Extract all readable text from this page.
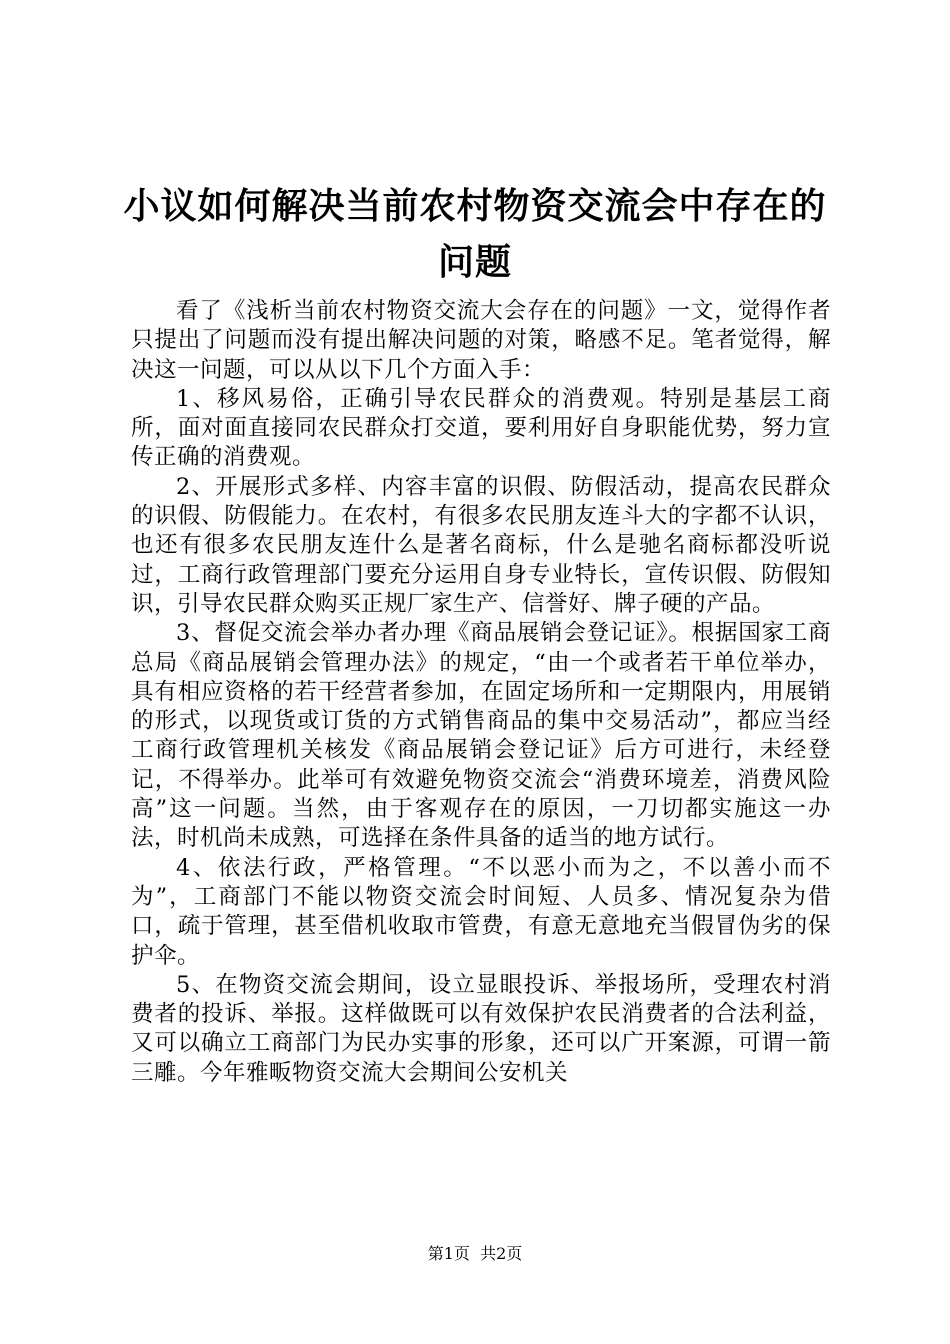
小议如何解决当前农村物资交流会中存在的问题

看了《浅析当前农村物资交流大会存在的问题》一文，觉得作者只提出了问题而没有提出解决问题的对策，略感不足。笔者觉得，解决这一问题，可以从以下几个方面入手：

1、移风易俗，正确引导农民群众的消费观。特别是基层工商所，面对面直接同农民群众打交道，要利用好自身职能优势，努力宣传正确的消费观。

2、开展形式多样、内容丰富的识假、防假活动，提高农民群众的识假、防假能力。在农村，有很多农民朋友连斗大的字都不认识，也还有很多农民朋友连什么是著名商标，什么是驰名商标都没听说过，工商行政管理部门要充分运用自身专业特长，宣传识假、防假知识，引导农民群众购买正规厂家生产、信誉好、牌子硬的产品。

3、督促交流会举办者办理《商品展销会登记证》。根据国家工商总局《商品展销会管理办法》的规定，“由一个或者若干单位举办，具有相应资格的若干经营者参加，在固定场所和一定期限内，用展销的形式，以现货或订货的方式销售商品的集中交易活动”，都应当经工商行政管理机关核发《商品展销会登记证》后方可进行，未经登记，不得举办。此举可有效避免物资交流会“消费环境差，消费风险高”这一问题。当然，由于客观存在的原因，一刀切都实施这一办法，时机尚未成熟，可选择在条件具备的适当的地方试行。

4、依法行政，严格管理。“不以恶小而为之，不以善小而不为”，工商部门不能以物资交流会时间短、人员多、情况复杂为借口，疏于管理，甚至借机收取市管费，有意无意地充当假冒伪劣的保护伞。

5、在物资交流会期间，设立显眼投诉、举报场所，受理农村消费者的投诉、举报。这样做既可以有效保护农民消费者的合法利益，又可以确立工商部门为民办实事的形象，还可以广开案源，可谓一箭三雕。今年雅畈物资交流大会期间公安机关

第1页  共2页
